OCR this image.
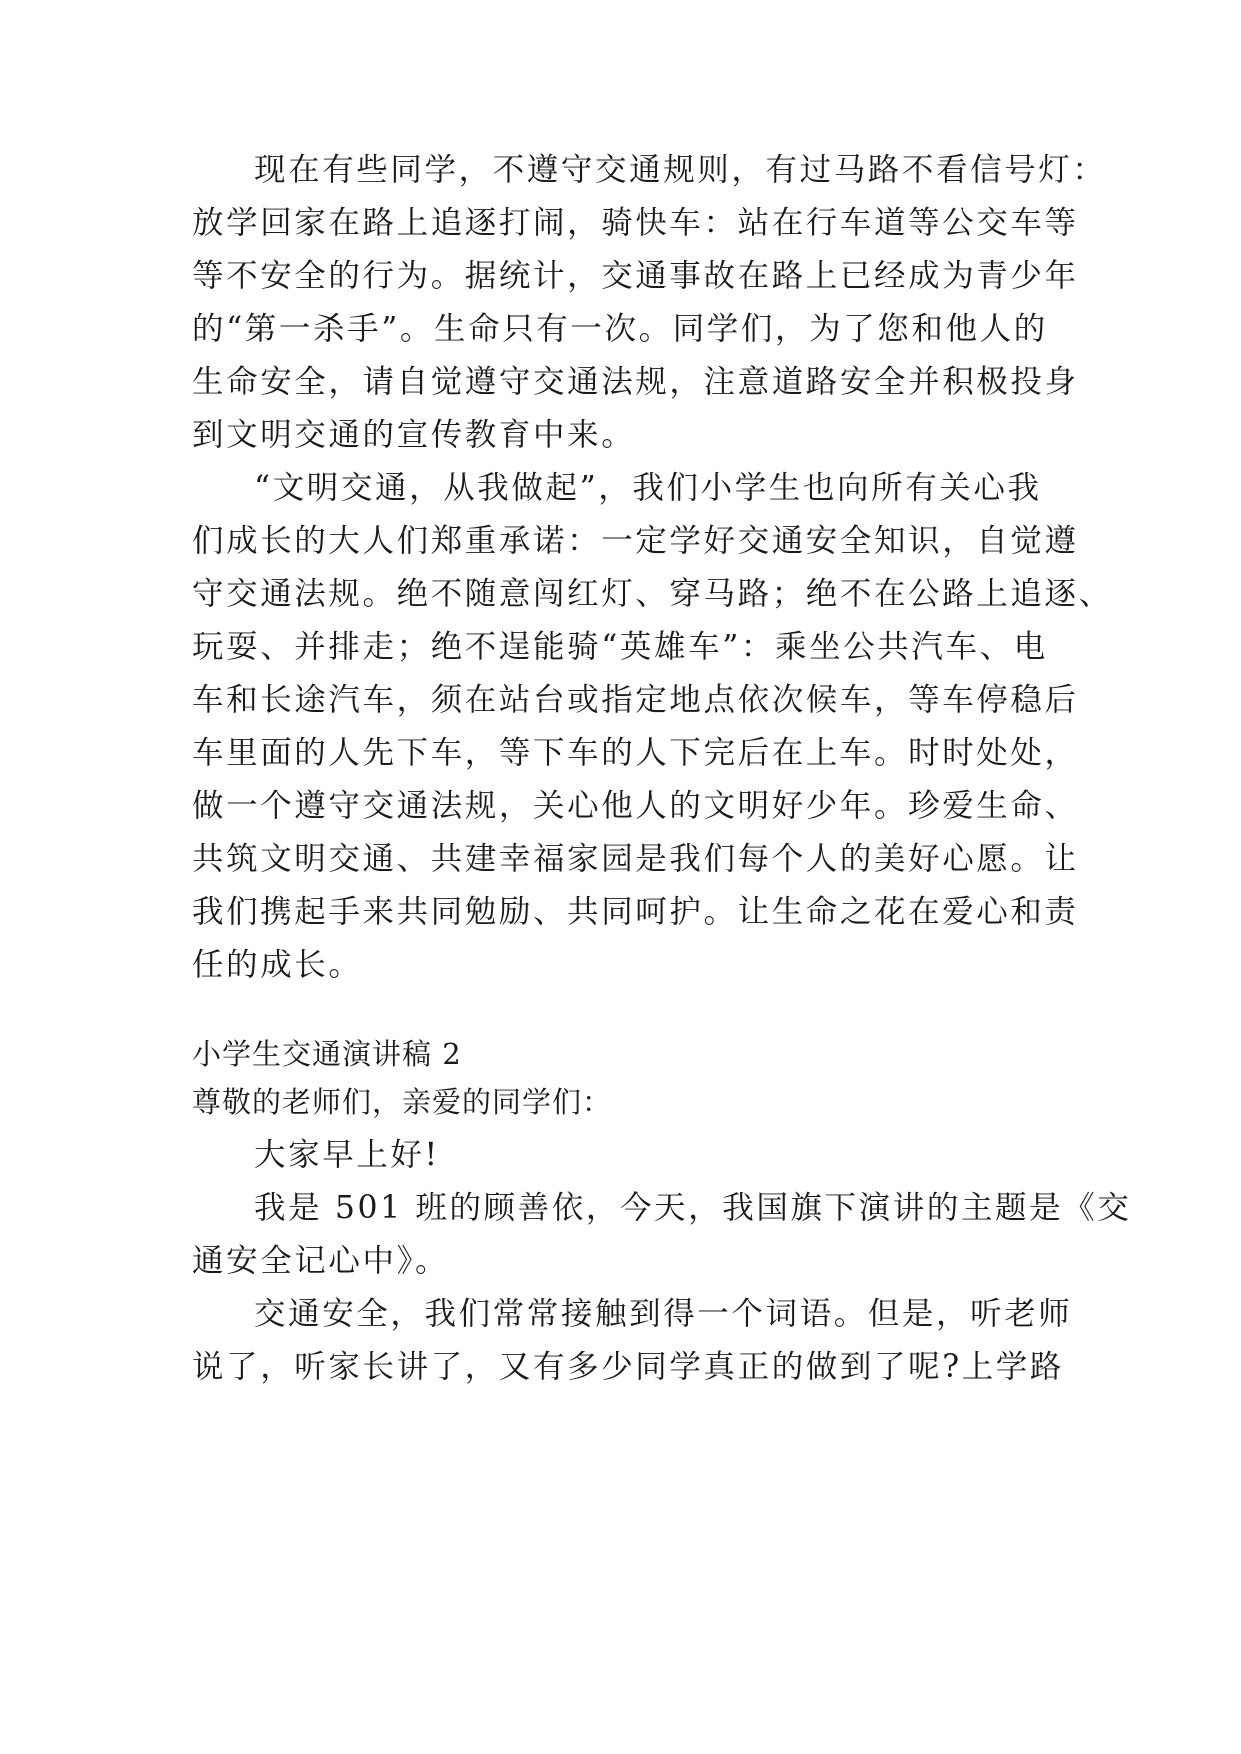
现在有些同学，不遵守交通规则，有过马路不看信号灯：
放学回家在路上追逐打闹，骑快车：站在行车道等公交车等
等不安全的行为。据统计，交通事故在路上已经成为青少年
的“第一杀手”。生命只有一次。同学们，为了您和他人的
生命安全，请自觉遵守交通法规，注意道路安全并积极投身
到文明交通的宣传教育中来。
“文明交通，从我做起”，我们小学生也向所有关心我
们成长的大人们郑重承诺：一定学好交通安全知识，自觉遵
守交通法规。绝不随意闯红灯、穿马路；绝不在公路上追逐、
玩耍、并排走；绝不逞能骑“英雄车”：乘坐公共汽车、电
车和长途汽车，须在站台或指定地点依次候车，等车停稳后
车里面的人先下车，等下车的人下完后在上车。时时处处，
做一个遵守交通法规，关心他人的文明好少年。珍爱生命、
共筑文明交通、共建幸福家园是我们每个人的美好心愿。让
我们携起手来共同勉励、共同呵护。让生命之花在爱心和责
任的成长。
小学生交通演讲稿 2
尊敬的老师们，亲爱的同学们：
大家早上好!
我是 501 班的顾善依，今天，我国旗下演讲的主题是《交
通安全记心中》。
交通安全，我们常常接触到得一个词语。但是，听老师
说了，听家长讲了，又有多少同学真正的做到了呢?上学路
